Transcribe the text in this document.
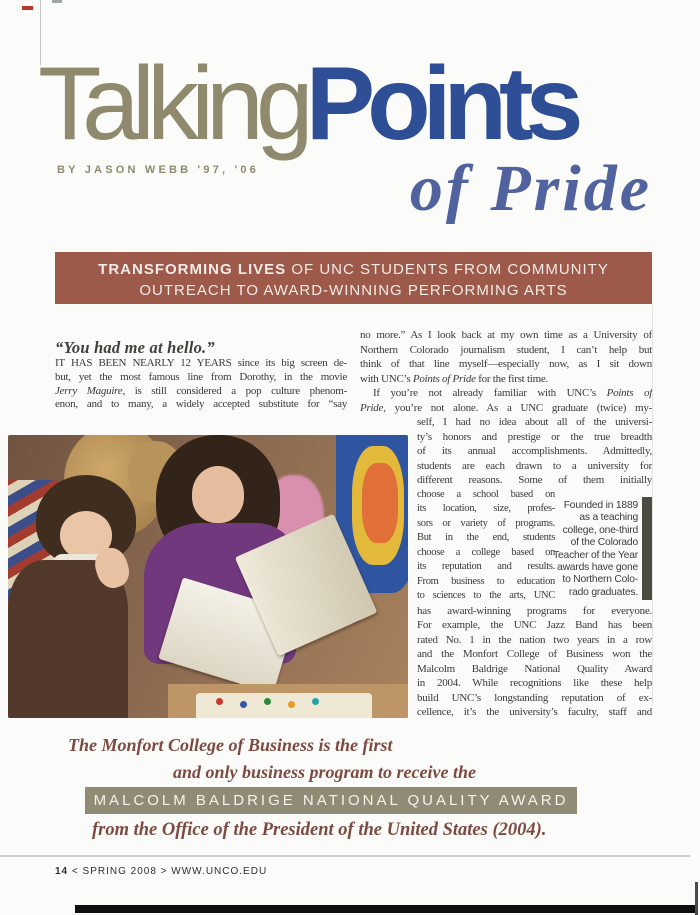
TalkingPoints
BY JASON WEBB '97, '06	of Pride
TRANSFORMING LIVES OF UNC STUDENTS FROM COMMUNITY
OUTREACH TO AWARD-WINNING PERFORMING ARTS
“You had me at hello.”
IT HAS BEEN NEARLY 12 YEARS since its big screen de-
but, yet the most famous line from Dorothy, in the movie
Jerry Maguire, is still considered a pop culture phenom-
enon, and to many, a widely accepted substitute for “say
no more.” As I look back at my own time as a University of
Northern Colorado journalism student, I can’t help but
think of that line myself—especially now, as I sit down
with UNC’s Points of Pride for the first time.
If you’re not already familiar with UNC’s Points of
Pride, you’re not alone. As a UNC graduate (twice) my-
self, I had no idea about all of the universi-
ty’s honors and prestige or the true breadth
of its annual accomplishments. Admittedly,
students are each drawn to a university for
different reasons. Some of them initially
choose a school based on
its location, size, profes-
sors or variety of programs.
But in the end, students
choose a college based on
its reputation and results.
From business to education
to sciences to the arts, UNC
has award-winning programs for everyone.
For example, the UNC Jazz Band has been
rated No. 1 in the nation two years in a row
and the Monfort College of Business won the
Malcolm Baldrige National Quality Award
in 2004. While recognitions like these help
build UNC’s longstanding reputation of ex-
cellence, it’s the university’s faculty, staff and
Founded in 1889
as a teaching
college, one-third
of the Colorado
Teacher of the Year
awards have gone
to Northern Colo-
rado graduates.
The Monfort College of Business is the first
and only business program to receive the
MALCOLM BALDRIGE NATIONAL QUALITY AWARD
from the Office of the President of the United States (2004).
14 < SPRING 2008 > WWW.UNCO.EDU
